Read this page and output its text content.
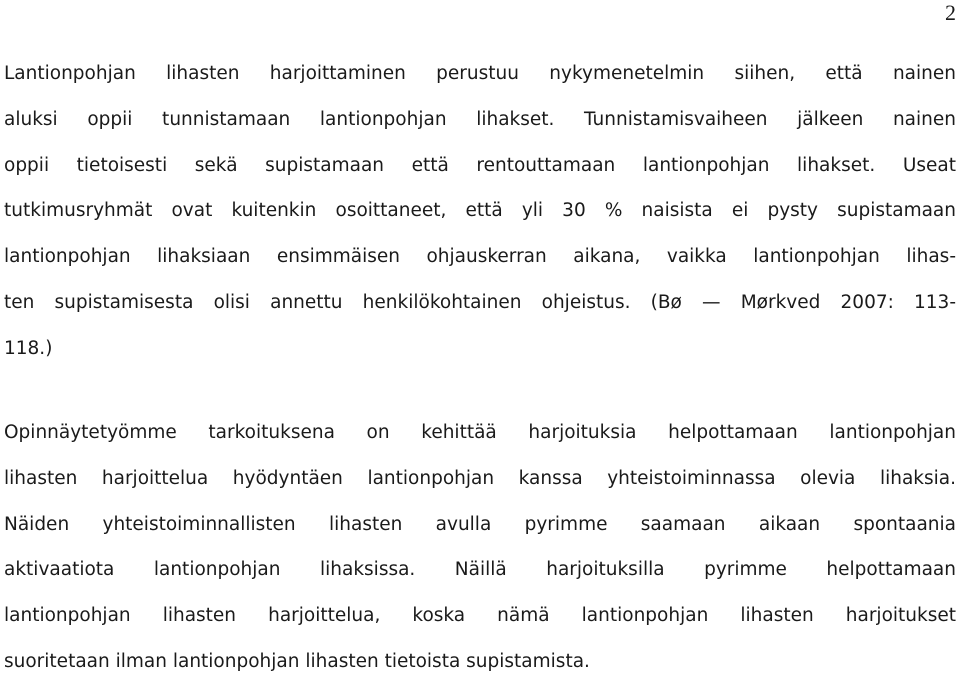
2
Lantionpohjan lihasten harjoittaminen perustuu nykymenetelmin siihen, että nainen
aluksi oppii tunnistamaan lantionpohjan lihakset. Tunnistamisvaiheen jälkeen nainen
oppii tietoisesti sekä supistamaan että rentouttamaan lantionpohjan lihakset. Useat
tutkimusryhmät ovat kuitenkin osoittaneet, että yli 30 % naisista ei pysty supistamaan
lantionpohjan lihaksiaan ensimmäisen ohjauskerran aikana, vaikka lantionpohjan lihas-
ten supistamisesta olisi annettu henkilökohtainen ohjeistus. (Bø — Mørkved 2007: 113-
118.)
Opinnäytetyömme tarkoituksena on kehittää harjoituksia helpottamaan lantionpohjan
lihasten harjoittelua hyödyntäen lantionpohjan kanssa yhteistoiminnassa olevia lihaksia.
Näiden yhteistoiminnallisten lihasten avulla pyrimme saamaan aikaan spontaania
aktivaatiota lantionpohjan lihaksissa. Näillä harjoituksilla pyrimme helpottamaan
lantionpohjan lihasten harjoittelua, koska nämä lantionpohjan lihasten harjoitukset
suoritetaan ilman lantionpohjan lihasten tietoista supistamista.
